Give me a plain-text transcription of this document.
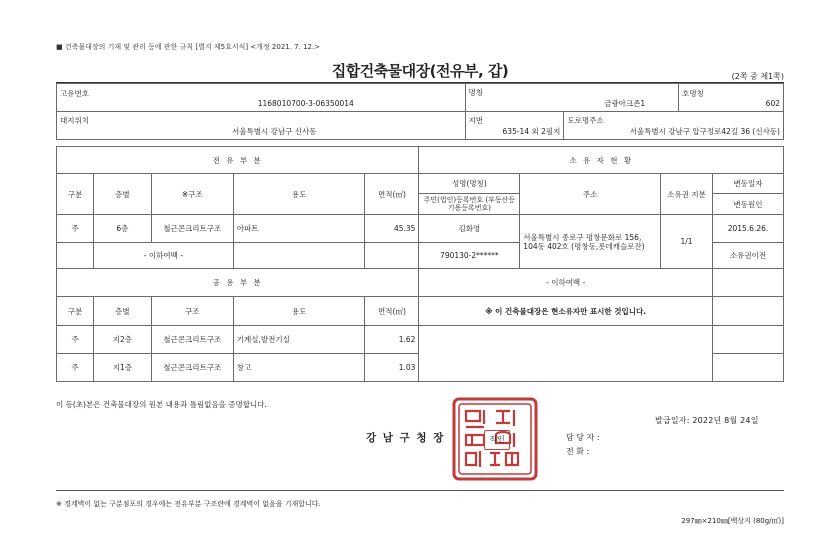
■ 건축물대장의 기재 및 관리 등에 관한 규칙 [별지 제5호서식] <개정 2021. 7. 12.>
집합건축물대장(전유부, 갑)	(2쪽 중 제1쪽)
고유번호
1168010700-3-06350014	명칭
금광아크존1		호명칭
602

대지위치
서울특별시 강남구 신사동	지번
635-14 외 2필지	도로명주소
서울특별시 강남구 압구정로42길 36 (신사동)	
전 유 부 분					소 유 자 현 황			
구분	층별	※구조	용도	면적(㎡)	성명(명칭)	주소	소유권 지분	변동일자
					주민(법인)등록번호 (부동산등기용등록번호)			변동원인
주	6층	철근콘크리트구조	아파트	45.35	김화영	서울특별시 종로구 평창문화로 156, 104동 402호 (평창동,롯데캐슬로잔)	1/1	2015.6.26.
	- 이하여백 -				790130-2******			소유권이전
공 용 부 분					- 이하여백 -			
구분	층별	구조	용도	면적(㎡)	※ 이 건축물대장은 현소유자만 표시한 것입니다.			
주	지2층	철근콘크리트구조	기계실,발전기실	1.62				
주	지1층	철근콘크리트구조	창고	1.03				
이 등(초)본은 건축물대장의 원본 내용과 틀림없음을 증명합니다.
강 남 구 청 장	직인
발급일자: 2022년 8월 24일
담 당 자 :
전 화 :
※ 경계벽이 없는 구분점포의 경우에는 전유부분 구조란에 경계벽이 없음을 기재합니다.
297㎜×210㎜[백상지 (80g/㎡)]
